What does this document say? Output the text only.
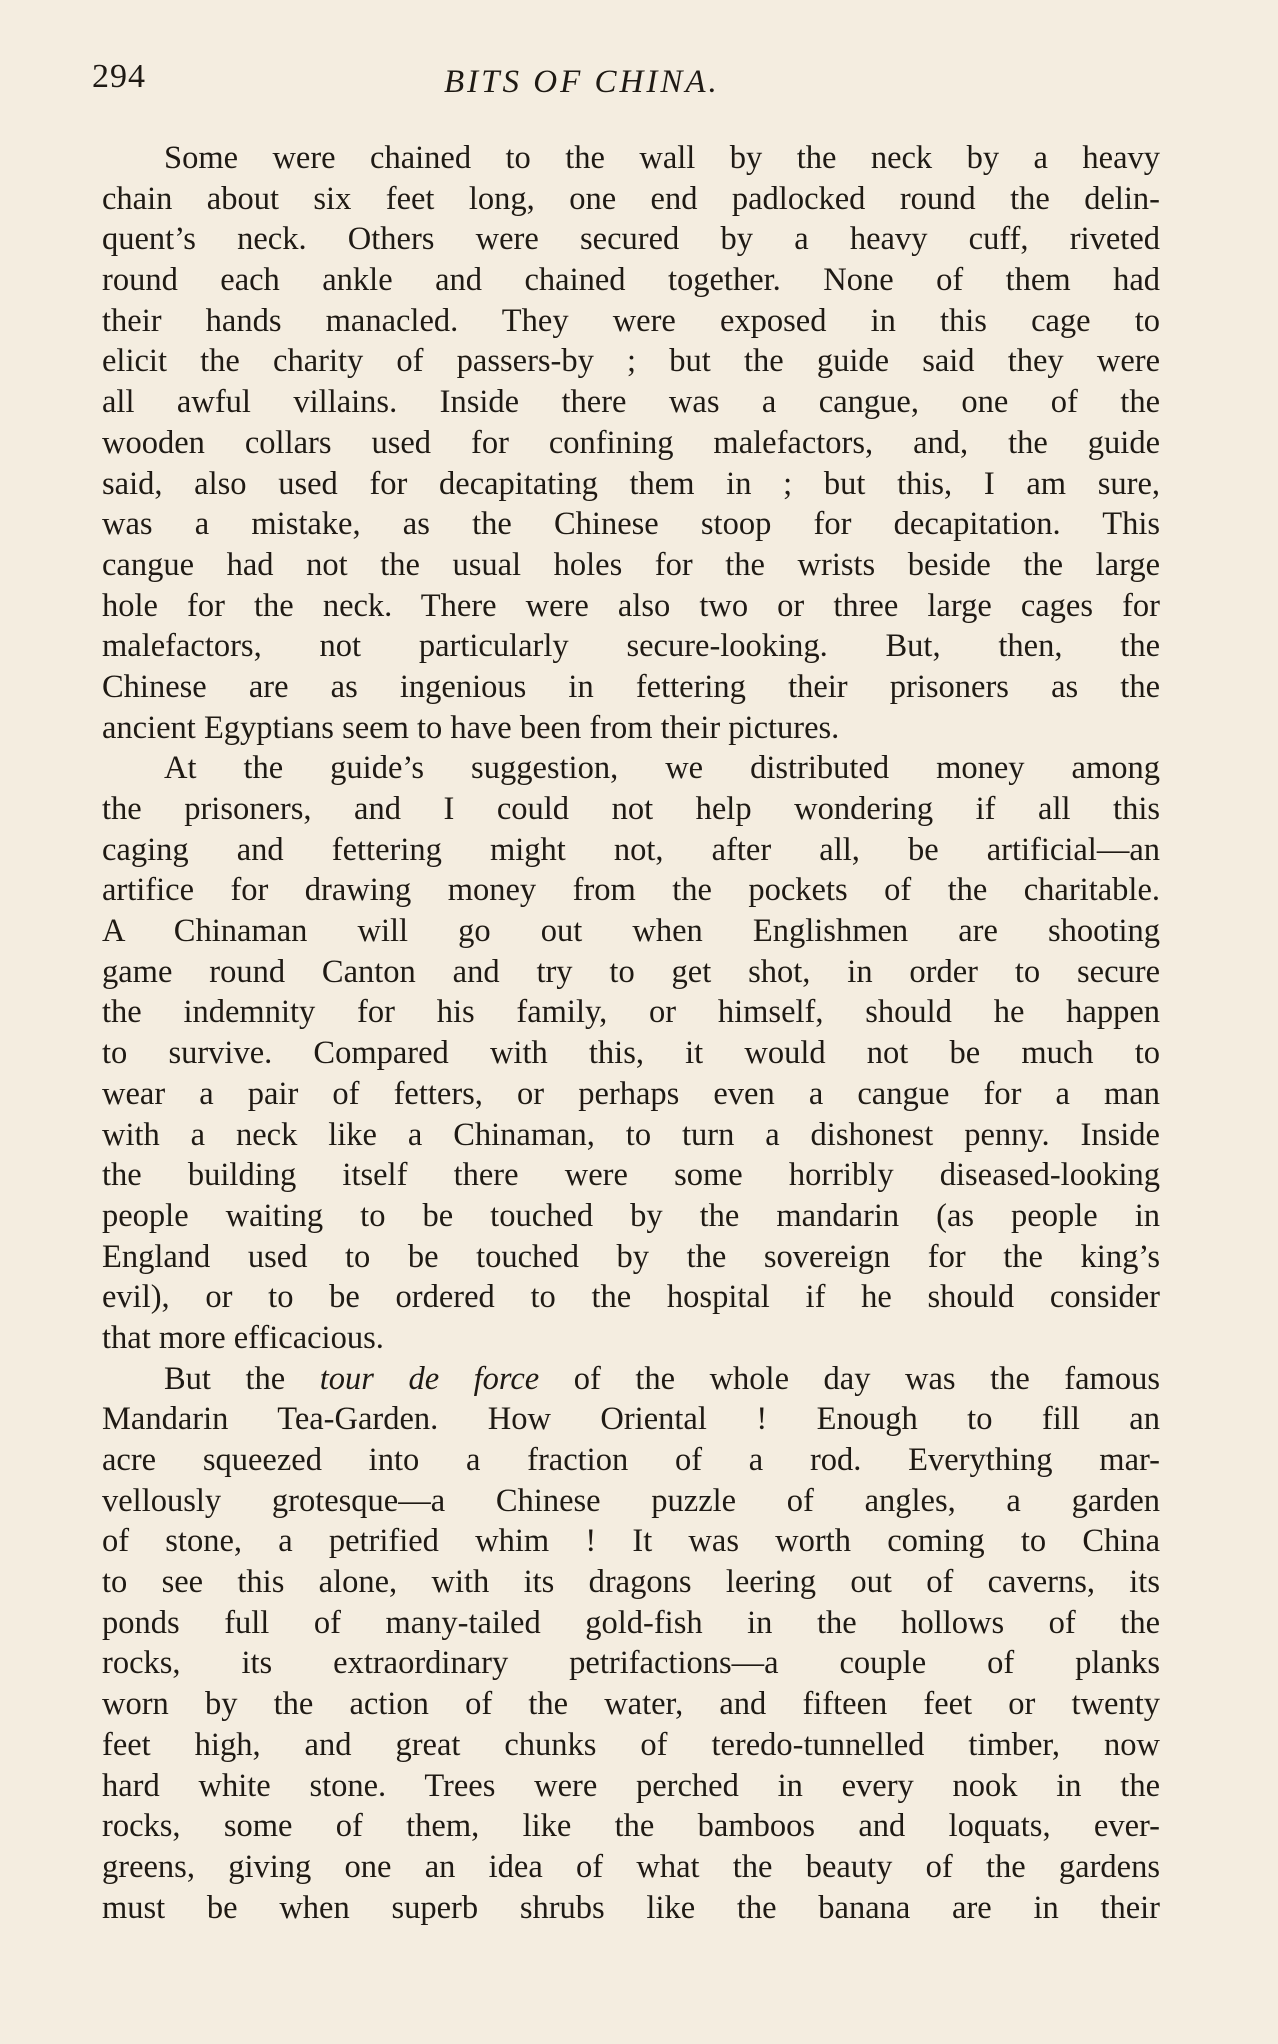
294	BITS OF CHINA.
Some were chained to the wall by the neck by a heavy
chain about six feet long, one end padlocked round the delin-
quent’s neck. Others were secured by a heavy cuff, riveted
round each ankle and chained together. None of them had
their hands manacled. They were exposed in this cage to
elicit the charity of passers-by ; but the guide said they were
all awful villains. Inside there was a cangue, one of the
wooden collars used for confining malefactors, and, the guide
said, also used for decapitating them in ; but this, I am sure,
was a mistake, as the Chinese stoop for decapitation. This
cangue had not the usual holes for the wrists beside the large
hole for the neck. There were also two or three large cages for
malefactors, not particularly secure-looking. But, then, the
Chinese are as ingenious in fettering their prisoners as the
ancient Egyptians seem to have been from their pictures.
At the guide’s suggestion, we distributed money among
the prisoners, and I could not help wondering if all this
caging and fettering might not, after all, be artificial—an
artifice for drawing money from the pockets of the charitable.
A Chinaman will go out when Englishmen are shooting
game round Canton and try to get shot, in order to secure
the indemnity for his family, or himself, should he happen
to survive. Compared with this, it would not be much to
wear a pair of fetters, or perhaps even a cangue for a man
with a neck like a Chinaman, to turn a dishonest penny. Inside
the building itself there were some horribly diseased-looking
people waiting to be touched by the mandarin (as people in
England used to be touched by the sovereign for the king’s
evil), or to be ordered to the hospital if he should consider
that more efficacious.
But the tour de force of the whole day was the famous
Mandarin Tea-Garden. How Oriental ! Enough to fill an
acre squeezed into a fraction of a rod. Everything mar-
vellously grotesque—a Chinese puzzle of angles, a garden
of stone, a petrified whim ! It was worth coming to China
to see this alone, with its dragons leering out of caverns, its
ponds full of many-tailed gold-fish in the hollows of the
rocks, its extraordinary petrifactions—a couple of planks
worn by the action of the water, and fifteen feet or twenty
feet high, and great chunks of teredo-tunnelled timber, now
hard white stone. Trees were perched in every nook in the
rocks, some of them, like the bamboos and loquats, ever-
greens, giving one an idea of what the beauty of the gardens
must be when superb shrubs like the banana are in their
